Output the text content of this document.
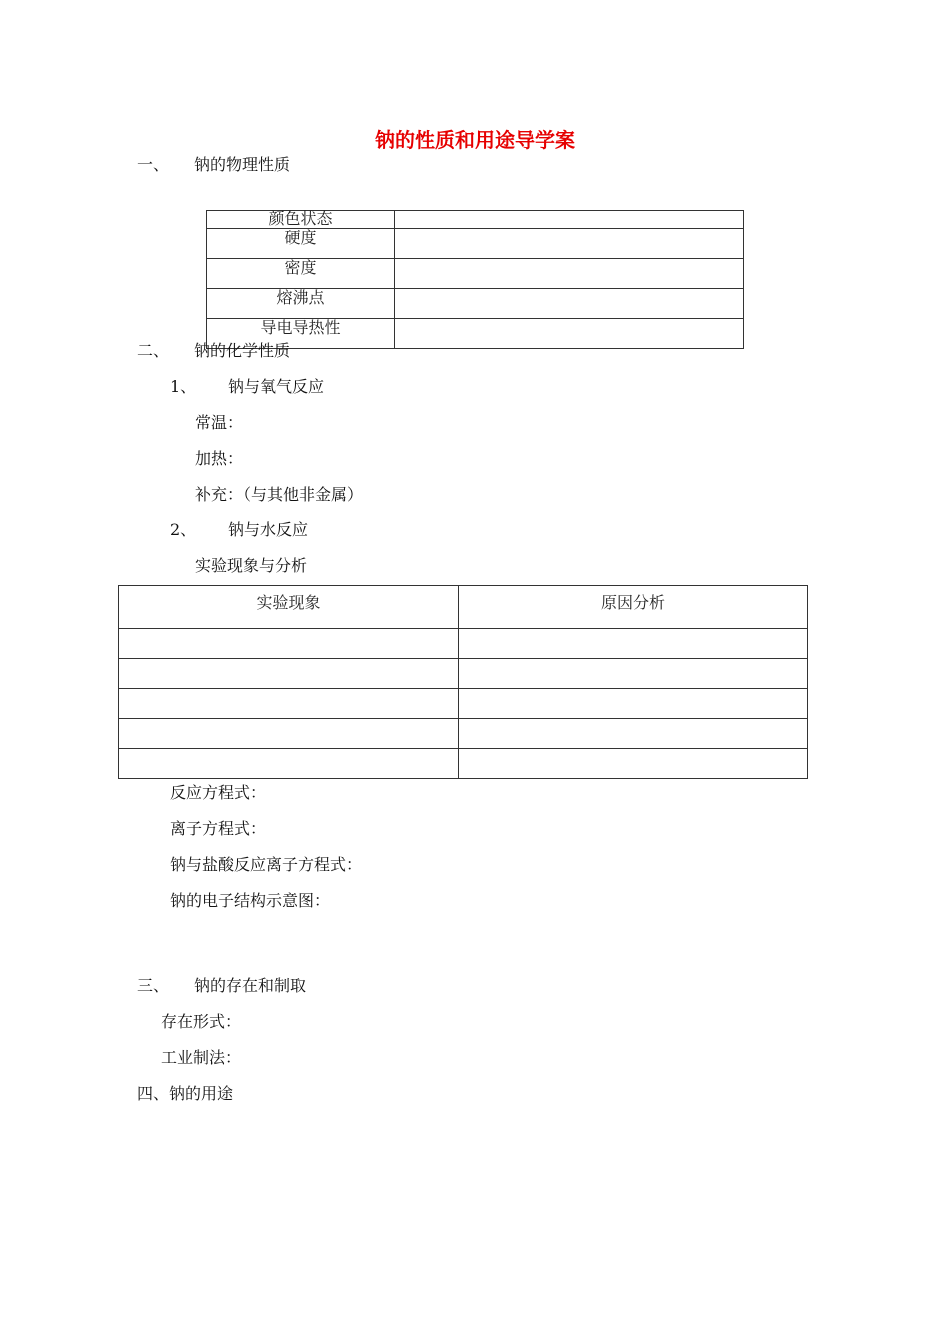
钠的性质和用途导学案
一、 钠的物理性质
颜色状态	
硬度	
密度	
熔沸点	
导电导热性	
二、 钠的化学性质
1、 钠与氧气反应
常温：
加热：
补充：（与其他非金属）
2、 钠与水反应
实验现象与分析
实验现象	原因分析

反应方程式：
离子方程式：
钠与盐酸反应离子方程式：
钠的电子结构示意图：
三、 钠的存在和制取
存在形式：
工业制法：
四、钠的用途
